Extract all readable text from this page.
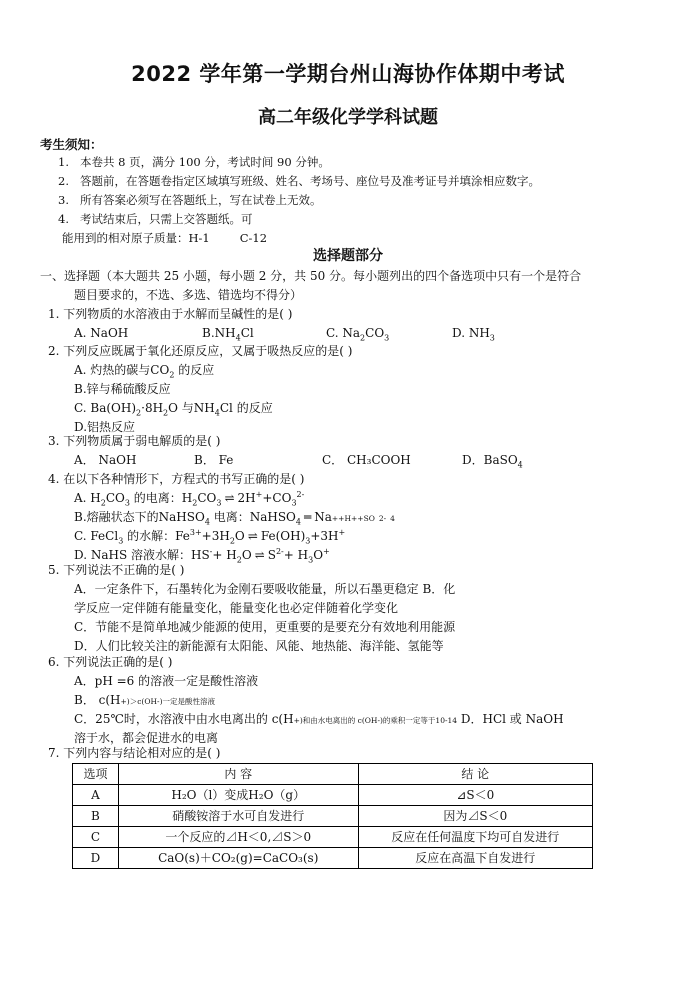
2022 学年第一学期台州山海协作体期中考试
高二年级化学学科试题
考生须知：
1. 本卷共 8 页，满分 100 分，考试时间 90 分钟。
2. 答题前，在答题卷指定区域填写班级、姓名、考场号、座位号及准考证号并填涂相应数字。
3. 所有答案必须写在答题纸上，写在试卷上无效。
4. 考试结束后，只需上交答题纸。可
能用到的相对原子质量：H-1	C-12
选择题部分
一、选择题（本大题共 25 小题，每小题 2 分，共 50 分。每小题列出的四个备选项中只有一个是符合
题目要求的，不选、多选、错选均不得分）
1. 下列物质的水溶液由于水解而呈碱性的是( )
A. NaOH	$B.NH_4Cl$	C. $Na_2CO_3$	D. $NH_3$
2. 下列反应既属于氧化还原反应，又属于吸热反应的是( )
A. 灼热的碳与$CO_2$ 的反应
B.锌与稀硫酸反应
C. $Ba(OH)_2\cdot 8H_2O$ 与$NH_4Cl$ 的反应
D.铝热反应
3. 下列物质属于弱电解质的是( )
A． NaOH	B． Fe	C． CH₃COOH	D．BaSO$_4$
4. 在以下各种情形下，方程式的书写正确的是( )
A. $H_2CO_3$ 的电离：$H_2CO_3$ ⇌ $2H^++CO_3^{2-}$
B.熔融状态下的NaHSO$_4$ 电离：NaHSO$_4$ ═ Na++H++SO 2- 4
C. FeCl$_3$ 的水解：$Fe^{3+}+3H_2O$ ⇌ $Fe(OH)_3+3H^+$
D. NaHS 溶液水解：$HS^-+ H_2O$ ⇌ $S^{2-}+ H_3O^+$
5. 下列说法不正确的是( )
A．一定条件下，石墨转化为金刚石要吸收能量，所以石墨更稳定 B．化
学反应一定伴随有能量变化，能量变化也必定伴随着化学变化
C．节能不是简单地减少能源的使用，更重要的是要充分有效地利用能源
D．人们比较关注的新能源有太阳能、风能、地热能、海洋能、氢能等
6. 下列说法正确的是( )
A．pH =6 的溶液一定是酸性溶液
B． c(H+)＞c(OH-)一定是酸性溶液
C．25℃时，水溶液中由水电离出的 c(H+)和由水电离出的 c(OH-)的乘积一定等于10-14 D．HCl 或 NaOH
溶于水，都会促进水的电离
7. 下列内容与结论相对应的是( )
选项	内 容	结 论
A	H₂O（l）变成H₂O（g）	⊿S＜0
B	硝酸铵溶于水可自发进行	因为⊿S＜0
C	一个反应的⊿H＜0,⊿S＞0	反应在任何温度下均可自发进行
D	CaO(s)＋CO₂(g)=CaCO₃(s)	反应在高温下自发进行
